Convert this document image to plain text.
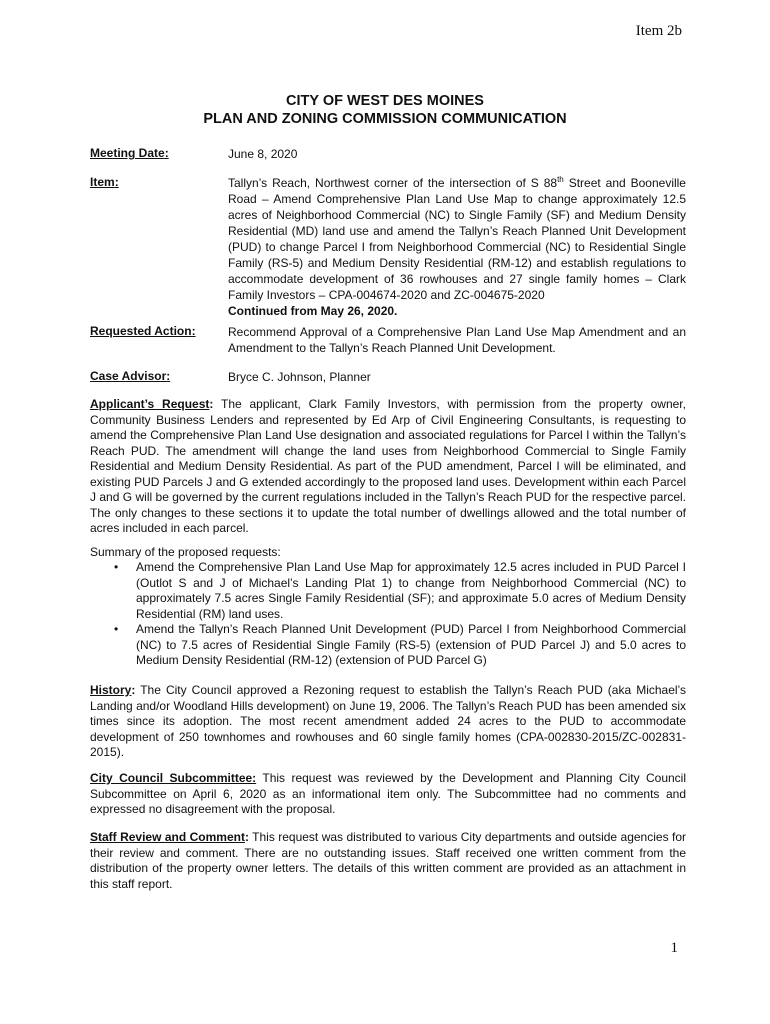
Item 2b
CITY OF WEST DES MOINES
PLAN AND ZONING COMMISSION COMMUNICATION
Meeting Date:	June 8, 2020
Item:	Tallyn’s Reach, Northwest corner of the intersection of S 88th Street and Booneville Road – Amend Comprehensive Plan Land Use Map to change approximately 12.5 acres of Neighborhood Commercial (NC) to Single Family (SF) and Medium Density Residential (MD) land use and amend the Tallyn’s Reach Planned Unit Development (PUD) to change Parcel I from Neighborhood Commercial (NC) to Residential Single Family (RS-5) and Medium Density Residential (RM-12) and establish regulations to accommodate development of 36 rowhouses and 27 single family homes – Clark Family Investors – CPA-004674-2020 and ZC-004675-2020
Continued from May 26, 2020.
Requested Action:	Recommend Approval of a Comprehensive Plan Land Use Map Amendment and an Amendment to the Tallyn’s Reach Planned Unit Development.
Case Advisor:	Bryce C. Johnson, Planner
Applicant’s Request: The applicant, Clark Family Investors, with permission from the property owner, Community Business Lenders and represented by Ed Arp of Civil Engineering Consultants, is requesting to amend the Comprehensive Plan Land Use designation and associated regulations for Parcel I within the Tallyn’s Reach PUD. The amendment will change the land uses from Neighborhood Commercial to Single Family Residential and Medium Density Residential. As part of the PUD amendment, Parcel I will be eliminated, and existing PUD Parcels J and G extended accordingly to the proposed land uses. Development within each Parcel J and G will be governed by the current regulations included in the Tallyn’s Reach PUD for the respective parcel. The only changes to these sections it to update the total number of dwellings allowed and the total number of acres included in each parcel.
Summary of the proposed requests:
• Amend the Comprehensive Plan Land Use Map for approximately 12.5 acres included in PUD Parcel I (Outlot S and J of Michael’s Landing Plat 1) to change from Neighborhood Commercial (NC) to approximately 7.5 acres Single Family Residential (SF); and approximate 5.0 acres of Medium Density Residential (RM) land uses.
• Amend the Tallyn’s Reach Planned Unit Development (PUD) Parcel I from Neighborhood Commercial (NC) to 7.5 acres of Residential Single Family (RS-5) (extension of PUD Parcel J) and 5.0 acres to Medium Density Residential (RM-12) (extension of PUD Parcel G)
History: The City Council approved a Rezoning request to establish the Tallyn’s Reach PUD (aka Michael’s Landing and/or Woodland Hills development) on June 19, 2006. The Tallyn’s Reach PUD has been amended six times since its adoption. The most recent amendment added 24 acres to the PUD to accommodate development of 250 townhomes and rowhouses and 60 single family homes (CPA-002830-2015/ZC-002831-2015).
City Council Subcommittee: This request was reviewed by the Development and Planning City Council Subcommittee on April 6, 2020 as an informational item only. The Subcommittee had no comments and expressed no disagreement with the proposal.
Staff Review and Comment: This request was distributed to various City departments and outside agencies for their review and comment. There are no outstanding issues. Staff received one written comment from the distribution of the property owner letters. The details of this written comment are provided as an attachment in this staff report.
1
